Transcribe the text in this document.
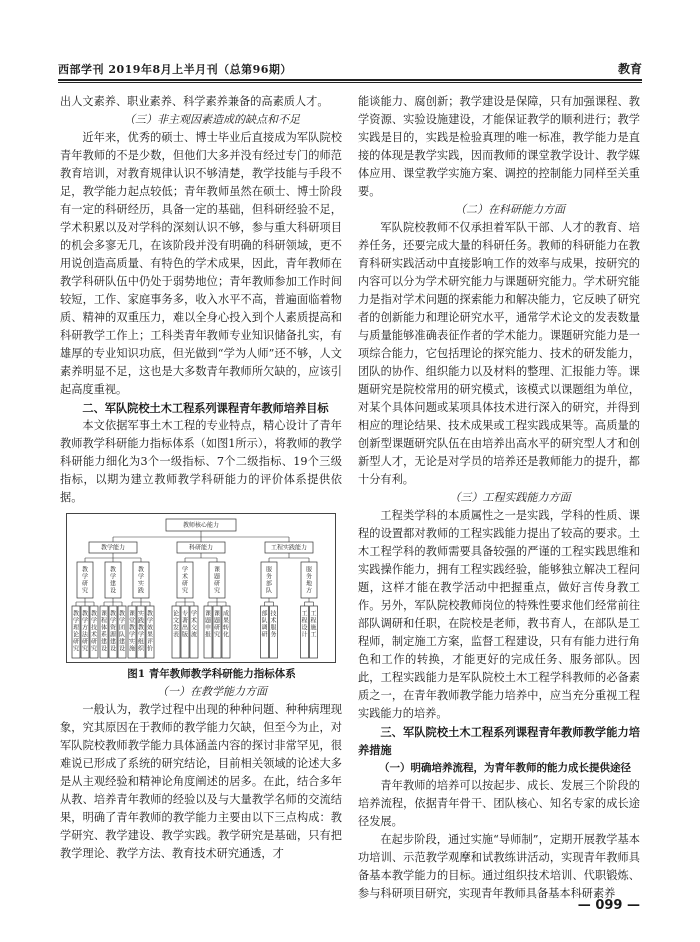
西部学刊 2019年8月上半月刊（总第96期）	教育

出人文素养、职业素养、科学素养兼备的高素质人才。

（三）非主观因素造成的缺点和不足

近年来，优秀的硕士、博士毕业后直接成为军队院校青年教师的不是少数，但他们大多并没有经过专门的师范教育培训，对教育规律认识不够清楚，教学技能与手段不足，教学能力起点较低；青年教师虽然在硕士、博士阶段有一定的科研经历，具备一定的基础，但科研经验不足，学术积累以及对学科的深刻认识不够，参与重大科研项目的机会多寥无几，在该阶段并没有明确的科研领域，更不用说创造高质量、有特色的学术成果，因此，青年教师在教学科研队伍中仍处于弱势地位；青年教师参加工作时间较短，工作、家庭事务多，收入水平不高，普遍面临着物质、精神的双重压力，难以全身心投入到个人素质提高和科研教学工作上；工科类青年教师专业知识储备扎实，有雄厚的专业知识功底，但光做到“学为人师”还不够，人文素养明显不足，这也是大多数青年教师所欠缺的，应该引起高度重视。

二、军队院校土木工程系列课程青年教师培养目标

本文依据军事土木工程的专业特点，精心设计了青年教师教学科研能力指标体系（如图1所示），将教师的教学科研能力细化为3个一级指标、7个二级指标、19个三级指标，以期为建立教师教学科研能力的评价体系提供依据。

教师核心能力
教学能力	科研能力	工程实践能力
教
学
研
究
教
学
建
设
教
学
实
践
学
术
研
究
课
题
研
究
服
务
部
队
服
务
地
方
教
学
理
论
研
究
教
学
方
法
研
究
教
学
技
术
研
究
课
程
体
系
建
设
教
学
资
源
建
设
教
学
团
队
建
设
课
堂
教
学
实
施
实
践
教
学
组
织
教
学
效
果
评
价
论
文
发
表
专
著
出
版
学
术
交
流
课
题
申
报
课
题
研
究
成
果
转
化
部
队
调
研
技
术
服
务
工
程
设
计
工
程
施
工

图1 青年教师教学科研能力指标体系

（一）在教学能力方面

一般认为，教学过程中出现的种种问题、种种病理现象，究其原因在于教师的教学能力欠缺，但至今为止，对军队院校教师教学能力具体涵盖内容的探讨非常罕见，很难说已形成了系统的研究结论，目前相关领域的论述大多是从主观经验和精神论角度阐述的居多。在此，结合多年从教、培养青年教师的经验以及与大量教学名师的交流结果，明确了青年教师的教学能力主要由以下三点构成：教学研究、教学建设、教学实践。教学研究是基础，只有把教学理论、教学方法、教育技术研究通透，才

能谈能力、腐创新；教学建设是保障，只有加强课程、教学资源、实验设施建设，才能保证教学的顺利进行；教学实践是目的，实践是检验真理的唯一标准，教学能力是直接的体现是教学实践，因而教师的课堂教学设计、教学媒体应用、课堂教学实施方案、调控的控制能力同样至关重要。

（二）在科研能力方面

军队院校教师不仅承担着军队干部、人才的教育、培养任务，还要完成大量的科研任务。教师的科研能力在教育科研实践活动中直接影响工作的效率与成果，按研究的内容可以分为学术研究能力与课题研究能力。学术研究能力是指对学术问题的探索能力和解决能力，它反映了研究者的创新能力和理论研究水平，通常学术论文的发表数量与质量能够准确表征作者的学术能力。课题研究能力是一项综合能力，它包括理论的探究能力、技术的研发能力，团队的协作、组织能力以及材料的整理、汇报能力等。课题研究是院校常用的研究模式，该模式以课题组为单位，对某个具体问题或某项具体技术进行深入的研究，并得到相应的理论结果、技术成果或工程实践成果等。高质量的创新型课题研究队伍在由培养出高水平的研究型人才和创新型人才，无论是对学员的培养还是教师能力的提升，都十分有利。

（三）工程实践能力方面

工程类学科的本质属性之一是实践，学科的性质、课程的设置都对教师的工程实践能力提出了较高的要求。土木工程学科的教师需要具备较强的严谨的工程实践思维和实践操作能力，拥有工程实践经验，能够独立解决工程问题，这样才能在教学活动中把握重点，做好言传身教工作。另外，军队院校教师岗位的特殊性要求他们经常前往部队调研和任职，在院校是老师，教书育人，在部队是工程师，制定施工方案，监督工程建设，只有有能力进行角色和工作的转换，才能更好的完成任务、服务部队。因此，工程实践能力是军队院校土木工程学科教师的必备素质之一，在青年教师教学能力培养中，应当充分重视工程实践能力的培养。

三、军队院校土木工程系列课程青年教师教学能力培养措施

（一）明确培养流程，为青年教师的能力成长提供途径

青年教师的培养可以按起步、成长、发展三个阶段的培养流程，依据青年骨干、团队核心、知名专家的成长途径发展。

在起步阶段，通过实施“导师制”，定期开展教学基本功培训、示范教学观摩和试教练讲活动，实现青年教师具备基本教学能力的目标。通过组织技术培训、代职锻炼、参与科研项目研究，实现青年教师具备基本科研素养

— 099 —
